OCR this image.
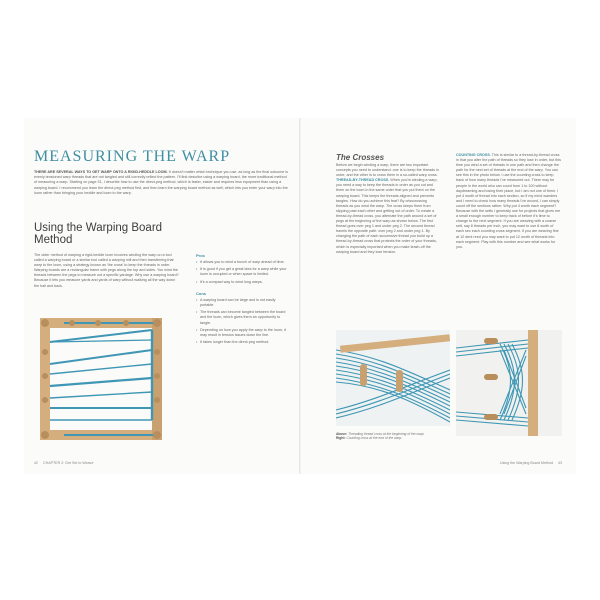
MEASURING THE WARP
THERE ARE SEVERAL WAYS TO GET WARP ONTO A RIGID-HEDDLE LOOM. It doesn't matter which technique you use, as long as the final outcome is evenly tensioned warp threads that are not tangled and still correctly reflect the pattern. I'll first describe using a warping board, the more traditional method of measuring a warp. Starting on page 31, I describe how to use the direct-peg method, which is faster, easier and requires less equipment than using a warping board. I recommend you learn the direct-peg method first, and then learn the warping board method as well, which lets you enter your warp into the loom rather than bringing your heddle and loom to the warp.
Using the Warping Board Method
The older method of warping a rigid-heddle loom involves winding the warp on a tool called a warping board or a similar tool called a warping mill and then transferring that warp to the loom, using a strategy known as 'the cross' to keep the threads in order. Warping boards are a rectangular frame with pegs along the top and sides. You wind the threads between the pegs to measure out a specific yardage. Why use a warping board? Because it lets you measure yards and yards of warp without walking all the way down the hall and back.
Pros
• It allows you to wind a bunch of warp ahead of time.
• It is good if you get a great idea for a warp while your loom is occupied or when space is limited.
• It's a compact way to wind long warps.
Cons
• A warping board can be large and is not easily portable.
• The threads can become tangled between the board and the loom, which gives them an opportunity to tangle.
• Depending on how you apply the warp to the loom, it may result in tension issues down the line.
• It takes longer than the direct-peg method.
42 CHAPTER 2: Get Set to Weave
The Crosses
Before we begin winding a warp, there are two important concepts you need to understand: one is to keep the threads in order, and the other is to cross them in a so-called warp cross.
THREAD-BY-THREAD CROSS. When you're winding a warp, you need a way to keep the threads in order as you cut and them on the loom in the same order that you put them on the warping board. This keeps the threads aligned and prevents tangles. How do you achieve this feat? By crisscrossing threads as you wind the warp. The cross keeps them from slipping past each other and getting out of order. To create a thread-by-thread cross, you alternate the path around a set of pegs at the beginning of the warp as shown below. The first thread goes over peg 1 and under peg 2. The second thread travels the opposite path: over peg 2 and under peg 1. By changing the path of each successive thread you build up a thread-by-thread cross that protects the order of your threads, which is especially important when you make leash-off the warping board and they lose tension.
COUNTING CROSS. This is similar to a thread-by-thread cross in that you alter the path of threads so they lose in order, but this time you wind a set of threads in one path and then change the path for the next set of threads at the end of the warp. You can see this in the photo below. I use the counting cross to keep track of how many threads I've measured out. There may be people in the world who can count from 1 to 100 without daydreaming and losing their place, but I am not one of them. I put 4 worth of thread into each section, so if my mind wanders and I need to check how many threads I've wound, I can simply count off the sections rather. Why put 4 worth each segment? Because with the setts I generally use for projects that gives me a small enough number to keep track of before it's time to change to the next segment. If you are weaving with a coarse sett, say 8 threads per inch, you may want to use 8 worth of each sec each counting cross segment. If you are weaving fine at 12 dent reed you may want to put 12 worth of threads into each segment. Play with this number and see what works for you.
Above: Threading thread cross at the beginning of the warp.
Right: Counting cross at the end of the warp.
Using the Warping Board Method 43
